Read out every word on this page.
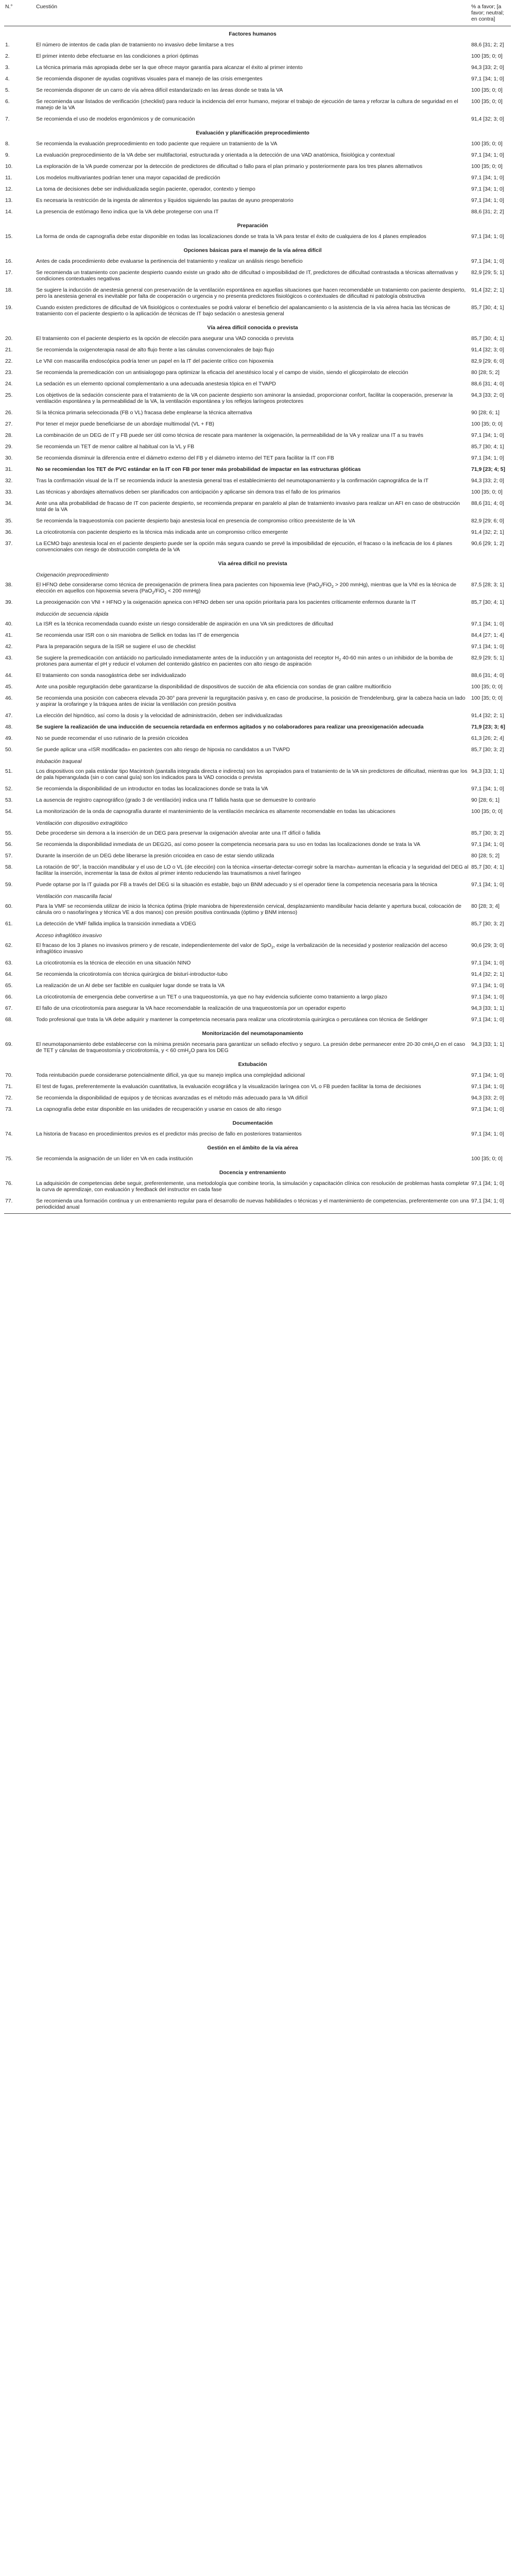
N.°	Cuestión	% a favor; [a favor; neutral; en contra]
	Factores humanos	
1.	El número de intentos de cada plan de tratamiento no invasivo debe limitarse a tres	88,6 [31; 2; 2]
2.	El primer intento debe efectuarse en las condiciones a priori óptimas	100 [35; 0; 0]
3.	La técnica primaria más apropiada debe ser la que ofrece mayor garantía para alcanzar el éxito al primer intento	94,3 [33; 2; 0]
4.	Se recomienda disponer de ayudas cognitivas visuales para el manejo de las crisis emergentes	97,1 [34; 1; 0]
5.	Se recomienda disponer de un carro de vía aérea difícil estandarizado en las áreas donde se trata la VA	100 [35; 0; 0]
6.	Se recomienda usar listados de verificación (checklist) para reducir la incidencia del error humano, mejorar el trabajo de ejecución de tarea y reforzar la cultura de seguridad en el manejo de la VA	100 [35; 0; 0]
7.	Se recomienda el uso de modelos ergonómicos y de comunicación	91,4 [32; 3; 0]
	Evaluación y planificación preprocedimiento	
8.	Se recomienda la evaluación preprocedimiento en todo paciente que requiere un tratamiento de la VA	100 [35; 0; 0]
9.	La evaluación preprocedimiento de la VA debe ser multifactorial, estructurada y orientada a la detección de una VAD anatómica, fisiológica y contextual	97,1 [34; 1; 0]
10.	La exploración de la VA puede comenzar por la detección de predictores de dificultad o fallo para el plan primario y posteriormente para los tres planes alternativos	100 [35; 0; 0]
11.	Los modelos multivariantes podrían tener una mayor capacidad de predicción	97,1 [34; 1; 0]
12.	La toma de decisiones debe ser individualizada según paciente, operador, contexto y tiempo	97,1 [34; 1; 0]
13.	Es necesaria la restricción de la ingesta de alimentos y líquidos siguiendo las pautas de ayuno preoperatorio	97,1 [34; 1; 0]
14.	La presencia de estómago lleno indica que la VA debe protegerse con una IT	88,6 [31; 2; 2]
	Preparación	
15.	La forma de onda de capnografía debe estar disponible en todas las localizaciones donde se trata la VA para testar el éxito de cualquiera de los 4 planes empleados	97,1 [34; 1; 0]
	Opciones básicas para el manejo de la vía aérea difícil	
16.	Antes de cada procedimiento debe evaluarse la pertinencia del tratamiento y realizar un análisis riesgo beneficio	97,1 [34; 1; 0]
17.	Se recomienda un tratamiento con paciente despierto cuando existe un grado alto de dificultad o imposibilidad de IT, predictores de dificultad contrastada a técnicas alternativas y condiciones contextuales negativas	82,9 [29; 5; 1]
18.	Se sugiere la inducción de anestesia general con preservación de la ventilación espontánea en aquellas situaciones que hacen recomendable un tratamiento con paciente despierto, pero la anestesia general es inevitable por falta de cooperación o urgencia y no presenta predictores fisiológicos o contextuales de dificultad ni patología obstructiva	91,4 [32; 2; 1]
19.	Cuando existen predictores de dificultad de VA fisiológicos o contextuales se podrá valorar el beneficio del apalancamiento o la asistencia de la vía aérea hacia las técnicas de tratamiento con el paciente despierto o la aplicación de técnicas de IT bajo sedación o anestesia general	85,7 [30; 4; 1]
	Vía aérea difícil conocida o prevista	
20.	El tratamiento con el paciente despierto es la opción de elección para asegurar una VAD conocida o prevista	85,7 [30; 4; 1]
21.	Se recomienda la oxigenoterapia nasal de alto flujo frente a las cánulas convencionales de bajo flujo	91,4 [32; 3; 0]
22.	Le VNI con mascarilla endoscópica podría tener un papel en la IT del paciente crítico con hipoxemia	82,9 [29; 6; 0]
23.	Se recomienda la premedicación con un antisialogogo para optimizar la eficacia del anestésico local y el campo de visión, siendo el glicopirrolato de elección	80 [28; 5; 2]
24.	La sedación es un elemento opcional complementario a una adecuada anestesia tópica en el TVAPD	88,6 [31; 4; 0]
25.	Los objetivos de la sedación consciente para el tratamiento de la VA con paciente despierto son aminorar la ansiedad, proporcionar confort, facilitar la cooperación, preservar la ventilación espontánea y la permeabilidad de la VA, la ventilación espontánea y los reflejos laríngeos protectores	94,3 [33; 2; 0]
26.	Si la técnica primaria seleccionada (FB o VL) fracasa debe emplearse la técnica alternativa	90 [28; 6; 1]
27.	Por tener el mejor puede beneficiarse de un abordaje multimodal (VL + FB)	100 [35; 0; 0]
28.	La combinación de un DEG de IT y FB puede ser útil como técnica de rescate para mantener la oxigenación, la permeabilidad de la VA y realizar una IT a su través	97,1 [34; 1; 0]
29.	Se recomienda un TET de menor calibre al habitual con la VL y FB	85,7 [30; 4; 1]
30.	Se recomienda disminuir la diferencia entre el diámetro externo del FB y el diámetro interno del TET para facilitar la IT con FB	97,1 [34; 1; 0]
31.	No se recomiendan los TET de PVC estándar en la IT con FB por tener más probabilidad de impactar en las estructuras glóticas	71,9 [23; 4; 5]
32.	Tras la confirmación visual de la IT se recomienda inducir la anestesia general tras el establecimiento del neumotaponamiento y la confirmación capnográfica de la IT	94,3 [33; 2; 0]
33.	Las técnicas y abordajes alternativos deben ser planificados con anticipación y aplicarse sin demora tras el fallo de los primarios	100 [35; 0; 0]
34.	Ante una alta probabilidad de fracaso de IT con paciente despierto, se recomienda preparar en paralelo al plan de tratamiento invasivo para realizar un AFI en caso de obstrucción total de la VA	88,6 [31; 4; 0]
35.	Se recomienda la traqueostomía con paciente despierto bajo anestesia local en presencia de compromiso crítico preexistente de la VA	82,9 [29; 6; 0]
36.	La cricotirotomía con paciente despierto es la técnica más indicada ante un compromiso crítico emergente	91,4 [32; 2; 1]
37.	La ECMO bajo anestesia local en el paciente despierto puede ser la opción más segura cuando se prevé la imposibilidad de ejecución, el fracaso o la ineficacia de los 4 planes convencionales con riesgo de obstrucción completa de la VA	90,6 [29; 1; 2]
	Vía aérea difícil no prevista	
	Oxigenación preprocedimiento	
38.	El HFNO debe considerarse como técnica de preoxigenación de primera línea para pacientes con hipoxemia leve (PaO$_2$/FiO$_2$ > 200 mmHg), mientras que la VNI es la técnica de elección en aquellos con hipoxemia severa (PaO$_2$/FiO$_2$ < 200 mmHg)	87,5 [28; 3; 1]
39.	La preoxigenación con VNI + HFNO y la oxigenación apneica con HFNO deben ser una opción prioritaria para los pacientes críticamente enfermos durante la IT	85,7 [30; 4; 1]
	Inducción de secuencia rápida	
40.	La ISR es la técnica recomendada cuando existe un riesgo considerable de aspiración en una VA sin predictores de dificultad	97,1 [34; 1; 0]
41.	Se recomienda usar ISR con o sin maniobra de Sellick en todas las IT de emergencia	84,4 [27; 1; 4]
42.	Para la preparación segura de la ISR se sugiere el uso de checklist	97,1 [34; 1; 0]
43.	Se sugiere la premedicación con antiácido no particulado inmediatamente antes de la inducción y un antagonista del receptor $H_2$ 40-60 min antes o un inhibidor de la bomba de protones para aumentar el pH y reducir el volumen del contenido gástrico en pacientes con alto riesgo de aspiración	82,9 [29; 5; 1]
44.	El tratamiento con sonda nasogástrica debe ser individualizado	88,6 [31; 4; 0]
45.	Ante una posible regurgitación debe garantizarse la disponibilidad de dispositivos de succión de alta eficiencia con sondas de gran calibre multiorificio	100 [35; 0; 0]
46.	Se recomienda una posición con cabecera elevada 20-30° para prevenir la regurgitación pasiva y, en caso de producirse, la posición de Trendelenburg, girar la cabeza hacia un lado y aspirar la orofaringe y la tráquea antes de iniciar la ventilación con presión positiva	100 [35; 0; 0]
47.	La elección del hipnótico, así como la dosis y la velocidad de administración, deben ser individualizadas	91,4 [32; 2; 1]
48.	Se sugiere la realización de una inducción de secuencia retardada en enfermos agitados y no colaboradores para realizar una preoxigenación adecuada	71,9 [23; 3; 6]
49.	No se puede recomendar el uso rutinario de la presión cricoidea	61,3 [26; 2; 4]
50.	Se puede aplicar una «ISR modificada» en pacientes con alto riesgo de hipoxia no candidatos a un TVAPD	85,7 [30; 3; 2]
	Intubación traqueal	
51.	Los dispositivos con pala estándar tipo Macintosh (pantalla integrada directa e indirecta) son los apropiados para el tratamiento de la VA sin predictores de dificultad, mientras que los de pala hiperangulada (sin o con canal guía) son los indicados para la VAD conocida o prevista	94,3 [33; 1; 1]
52.	Se recomienda la disponibilidad de un introductor en todas las localizaciones donde se trata la VA	97,1 [34; 1; 0]
53.	La ausencia de registro capnográfico (grado 3 de ventilación) indica una IT fallida hasta que se demuestre lo contrario	90 [28; 6; 1]
54.	La monitorización de la onda de capnografía durante el mantenimiento de la ventilación mecánica es altamente recomendable en todas las ubicaciones	100 [35; 0; 0]
	Ventilación con dispositivo extraglótico	
55.	Debe procederse sin demora a la inserción de un DEG para preservar la oxigenación alveolar ante una IT difícil o fallida	85,7 [30; 3; 2]
56.	Se recomienda la disponibilidad inmediata de un DEG2G, así como poseer la competencia necesaria para su uso en todas las localizaciones donde se trata la VA	97,1 [34; 1; 0]
57.	Durante la inserción de un DEG debe liberarse la presión cricoidea en caso de estar siendo utilizada	80 [28; 5; 2]
58.	La rotación de 90°, la tracción mandibular y el uso de LO o VL (de elección) con la técnica «insertar-detectar-corregir sobre la marcha» aumentan la eficacia y la seguridad del DEG al facilitar la inserción, incrementar la tasa de éxitos al primer intento reduciendo las traumatismos a nivel faríngeo	85,7 [30; 4; 1]
59.	Puede optarse por la IT guiada por FB a través del DEG si la situación es estable, bajo un BNM adecuado y si el operador tiene la competencia necesaria para la técnica	97,1 [34; 1; 0]
	Ventilación con mascarilla facial	
60.	Para la VMF se recomienda utilizar de inicio la técnica óptima (triple maniobra de hiperextensión cervical, desplazamiento mandibular hacia delante y apertura bucal, colocación de cánula oro o nasofaríngea y técnica VE a dos manos) con presión positiva continuada (óptimo y BNM intenso)	80 [28; 3; 4]
61.	La detección de VMF fallida implica la transición inmediata a VDEG	85,7 [30; 3; 2]
	Acceso infraglótico invasivo	
62.	El fracaso de los 3 planes no invasivos primero y de rescate, independientemente del valor de SpO$_2$, exige la verbalización de la necesidad y posterior realización del acceso infraglótico invasivo	90,6 [29; 3; 0]
63.	La cricotirotomía es la técnica de elección en una situación NINO	97,1 [34; 1; 0]
64.	Se recomienda la cricotirotomía con técnica quirúrgica de bisturí-introductor-tubo	91,4 [32; 2; 1]
65.	La realización de un AI debe ser factible en cualquier lugar donde se trata la VA	97,1 [34; 1; 0]
66.	La cricotirotomía de emergencia debe convertirse a un TET o una traqueostomía, ya que no hay evidencia suficiente como tratamiento a largo plazo	97,1 [34; 1; 0]
67.	El fallo de una cricotirotomía para asegurar la VA hace recomendable la realización de una traqueostomía por un operador experto	94,3 [33; 1; 1]
68.	Todo profesional que trata la VA debe adquirir y mantener la competencia necesaria para realizar una cricotirotomía quirúrgica o percutánea con técnica de Seldinger	97,1 [34; 1; 0]
	Monitorización del neumotaponamiento	
69.	El neumotaponamiento debe establecerse con la mínima presión necesaria para garantizar un sellado efectivo y seguro. La presión debe permanecer entre 20-30 cmH$_2$O en el caso de TET y cánulas de traqueostomía y cricotirotomía, y < 60 cmH$_2$O para los DEG	94,3 [33; 1; 1]
	Extubación	
70.	Toda reintubación puede considerarse potencialmente difícil, ya que su manejo implica una complejidad adicional	97,1 [34; 1; 0]
71.	El test de fugas, preferentemente la evaluación cuantitativa, la evaluación ecográfica y la visualización laríngea con VL o FB pueden facilitar la toma de decisiones	97,1 [34; 1; 0]
72.	Se recomienda la disponibilidad de equipos y de técnicas avanzadas es el método más adecuado para la VA difícil	94,3 [33; 2; 0]
73.	La capnografía debe estar disponible en las unidades de recuperación y usarse en casos de alto riesgo	97,1 [34; 1; 0]
	Documentación	
74.	La historia de fracaso en procedimientos previos es el predictor más preciso de fallo en posteriores tratamientos	97,1 [34; 1; 0]
	Gestión en el ámbito de la vía aérea	
75.	Se recomienda la asignación de un líder en VA en cada institución	100 [35; 0; 0]
	Docencia y entrenamiento	
76.	La adquisición de competencias debe seguir, preferentemente, una metodología que combine teoría, la simulación y capacitación clínica con resolución de problemas hasta completar la curva de aprendizaje, con evaluación y feedback del instructor en cada fase	97,1 [34; 1; 0]
77.	Se recomienda una formación continua y un entrenamiento regular para el desarrollo de nuevas habilidades o técnicas y el mantenimiento de competencias, preferentemente con una periodicidad anual	97,1 [34; 1; 0]
